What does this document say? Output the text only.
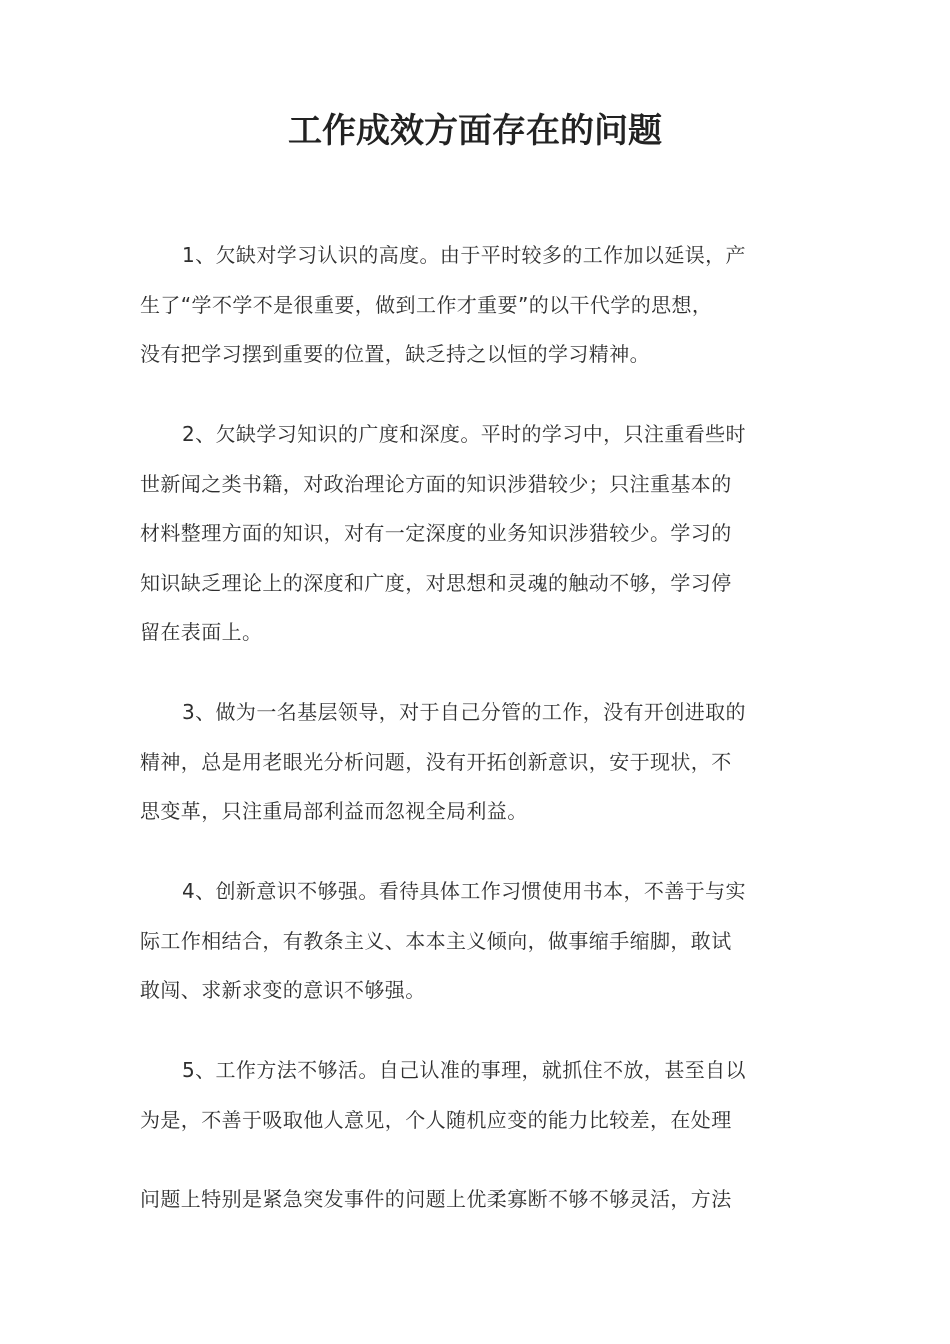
工作成效方面存在的问题
1、欠缺对学习认识的高度。由于平时较多的工作加以延误，产
生了“学不学不是很重要，做到工作才重要”的以干代学的思想，
没有把学习摆到重要的位置，缺乏持之以恒的学习精神。
2、欠缺学习知识的广度和深度。平时的学习中，只注重看些时
世新闻之类书籍，对政治理论方面的知识涉猎较少；只注重基本的
材料整理方面的知识，对有一定深度的业务知识涉猎较少。学习的
知识缺乏理论上的深度和广度，对思想和灵魂的触动不够，学习停
留在表面上。
3、做为一名基层领导，对于自己分管的工作，没有开创进取的
精神，总是用老眼光分析问题，没有开拓创新意识，安于现状，不
思变革，只注重局部利益而忽视全局利益。
4、创新意识不够强。看待具体工作习惯使用书本，不善于与实
际工作相结合，有教条主义、本本主义倾向，做事缩手缩脚，敢试
敢闯、求新求变的意识不够强。
5、工作方法不够活。自己认准的事理，就抓住不放，甚至自以
为是，不善于吸取他人意见，个人随机应变的能力比较差，在处理
问题上特别是紧急突发事件的问题上优柔寡断不够不够灵活，方法
